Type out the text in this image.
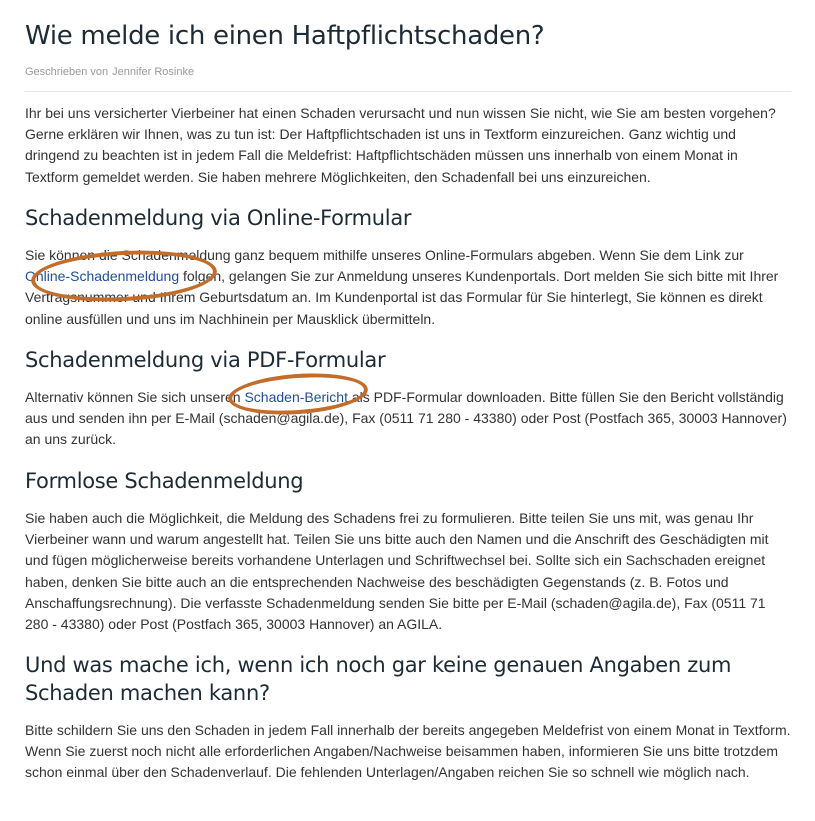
Wie melde ich einen Haftpflichtschaden?
Geschrieben von Jennifer Rosinke

Ihr bei uns versicherter Vierbeiner hat einen Schaden verursacht und nun wissen Sie nicht, wie Sie am besten vorgehen? Gerne erklären wir Ihnen, was zu tun ist: Der Haftpflichtschaden ist uns in Textform einzureichen. Ganz wichtig und dringend zu beachten ist in jedem Fall die Meldefrist: Haftpflichtschäden müssen uns innerhalb von einem Monat in Textform gemeldet werden. Sie haben mehrere Möglichkeiten, den Schadenfall bei uns einzureichen.

Schadenmeldung via Online-Formular

Sie können die Schadenmeldung ganz bequem mithilfe unseres Online-Formulars abgeben. Wenn Sie dem Link zur Online-Schadenmeldung folgen, gelangen Sie zur Anmeldung unseres Kundenportals. Dort melden Sie sich bitte mit Ihrer Vertragsnummer und Ihrem Geburtsdatum an. Im Kundenportal ist das Formular für Sie hinterlegt, Sie können es direkt online ausfüllen und uns im Nachhinein per Mausklick übermitteln.

Schadenmeldung via PDF-Formular

Alternativ können Sie sich unseren Schaden-Bericht als PDF-Formular downloaden. Bitte füllen Sie den Bericht vollständig aus und senden ihn per E-Mail (schaden@agila.de), Fax (0511 71 280 - 43380) oder Post (Postfach 365, 30003 Hannover) an uns zurück.

Formlose Schadenmeldung

Sie haben auch die Möglichkeit, die Meldung des Schadens frei zu formulieren. Bitte teilen Sie uns mit, was genau Ihr Vierbeiner wann und warum angestellt hat. Teilen Sie uns bitte auch den Namen und die Anschrift des Geschädigten mit und fügen möglicherweise bereits vorhandene Unterlagen und Schriftwechsel bei. Sollte sich ein Sachschaden ereignet haben, denken Sie bitte auch an die entsprechenden Nachweise des beschädigten Gegenstands (z. B. Fotos und Anschaffungsrechnung). Die verfasste Schadenmeldung senden Sie bitte per E-Mail (schaden@agila.de), Fax (0511 71 280 - 43380) oder Post (Postfach 365, 30003 Hannover) an AGILA.

Und was mache ich, wenn ich noch gar keine genauen Angaben zum Schaden machen kann?

Bitte schildern Sie uns den Schaden in jedem Fall innerhalb der bereits angegeben Meldefrist von einem Monat in Textform. Wenn Sie zuerst noch nicht alle erforderlichen Angaben/Nachweise beisammen haben, informieren Sie uns bitte trotzdem schon einmal über den Schadenverlauf. Die fehlenden Unterlagen/Angaben reichen Sie so schnell wie möglich nach.
